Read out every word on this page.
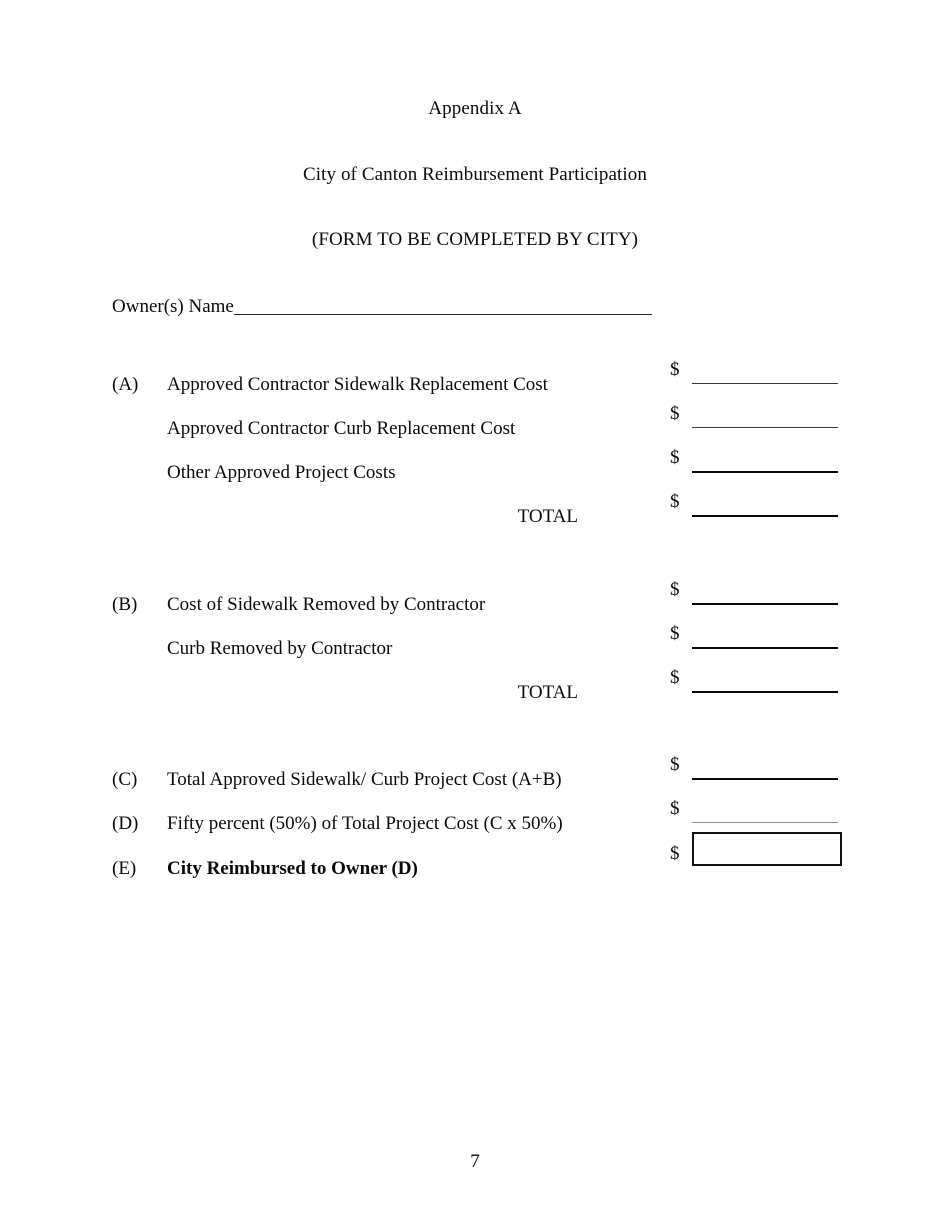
Appendix A
City of Canton Reimbursement Participation
(FORM TO BE COMPLETED BY CITY)
Owner(s) Name
(A)	Approved Contractor Sidewalk Replacement Cost
$
Approved Contractor Curb Replacement Cost
$
Other Approved Project Costs
$
TOTAL
$
(B)	Cost of Sidewalk Removed by Contractor
$
Curb Removed by Contractor
$
TOTAL
$
(C)	Total Approved Sidewalk/ Curb Project Cost (A+B)
$
(D)	Fifty percent (50%) of Total Project Cost (C x 50%)
$
(E)	City Reimbursed to Owner (D)
$
7
